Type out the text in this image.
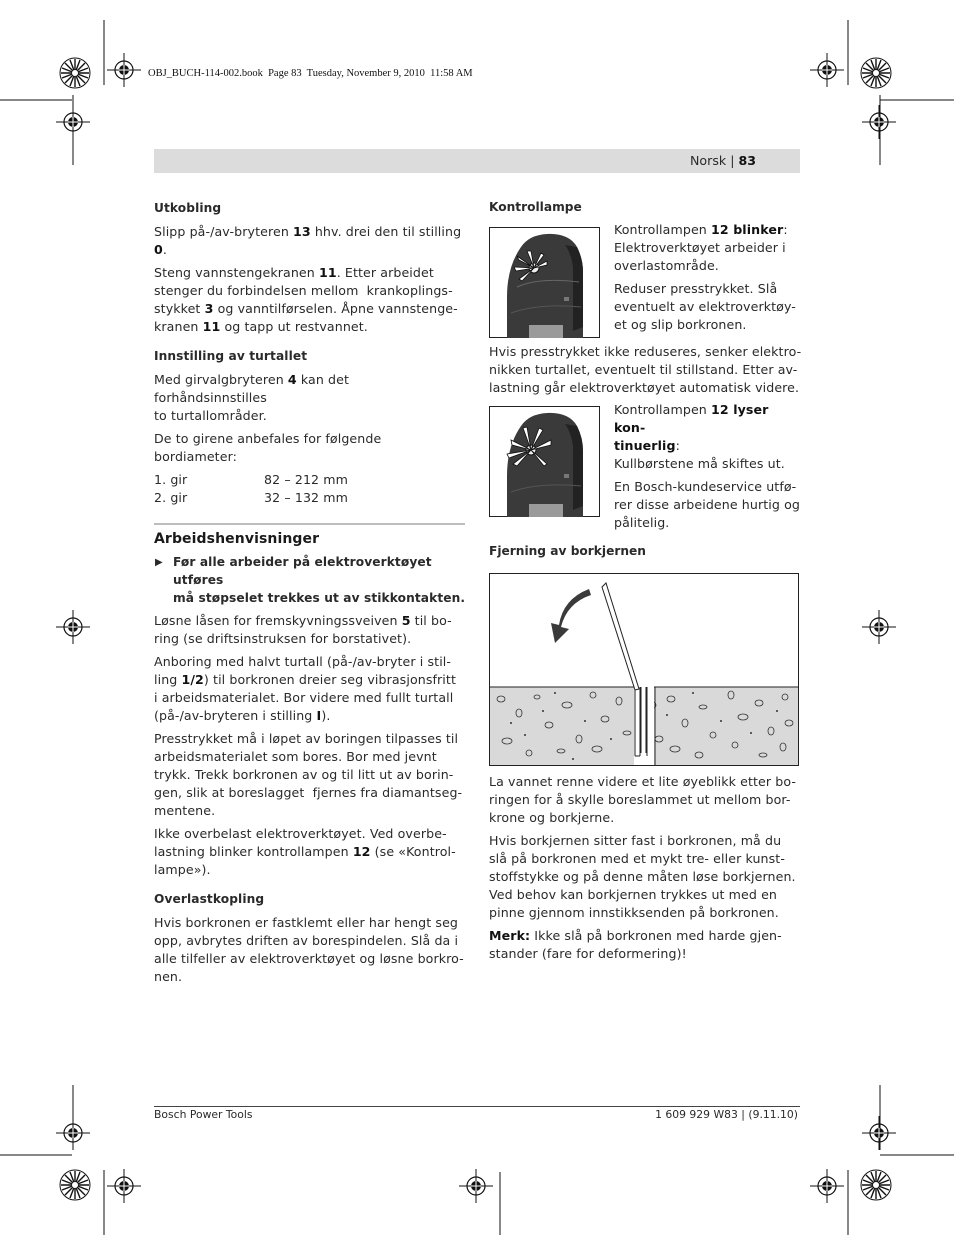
OBJ_BUCH-114-002.book  Page 83  Tuesday, November 9, 2010  11:58 AM
Norsk | 83
Utkobling

Slipp på-/av-bryteren 13 hhv. drei den til stilling 0.

Steng vannstengekranen 11. Etter arbeidet
stenger du forbindelsen mellom  krankoplings-
stykket 3 og vanntilførselen. Åpne vannstenge-
kranen 11 og tapp ut restvannet.

Innstilling av turtallet

Med girvalgbryteren 4 kan det forhåndsinnstilles
to turtallområder.

De to girene anbefales for følgende bordiameter:

1. gir	82 – 212 mm
2. gir	32 – 132 mm
Arbeidshenvisninger
▶ Før alle arbeider på elektroverktøyet utføres
må støpselet trekkes ut av stikkontakten.

Løsne låsen for fremskyvningssveiven 5 til bo-
ring (se driftsinstruksen for borstativet).

Anboring med halvt turtall (på-/av-bryter i stil-
ling 1/2) til borkronen dreier seg vibrasjonsfritt
i arbeidsmaterialet. Bor videre med fullt turtall
(på-/av-bryteren i stilling I).

Presstrykket må i løpet av boringen tilpasses til
arbeidsmaterialet som bores. Bor med jevnt
trykk. Trekk borkronen av og til litt ut av borin-
gen, slik at boreslagget  fjernes fra diamantseg-
mentene.

Ikke overbelast elektroverktøyet. Ved overbe-
lastning blinker kontrollampen 12 (se «Kontrol-
lampe»).

Overlastkopling

Hvis borkronen er fastklemt eller har hengt seg
opp, avbrytes driften av borespindelen. Slå da i
alle tilfeller av elektroverktøyet og løsne borkro-
nen.

Kontrollampe

Kontrollampen 12 blinker:
Elektroverktøyet arbeider i
overlastområde.

Reduser presstrykket. Slå
eventuelt av elektroverktøy-
et og slip borkronen.

Hvis presstrykket ikke reduseres, senker elektro-
nikken turtallet, eventuelt til stillstand. Etter av-
lastning går elektroverktøyet automatisk videre.

Kontrollampen 12 lyser kon-
tinuerlig:
Kullbørstene må skiftes ut.

En Bosch-kundeservice utfø-
rer disse arbeidene hurtig og
pålitelig.

Fjerning av borkjernen

La vannet renne videre et lite øyeblikk etter bo-
ringen for å skylle boreslammet ut mellom bor-
krone og borkjerne.

Hvis borkjernen sitter fast i borkronen, må du
slå på borkronen med et mykt tre- eller kunst-
stoffstykke og på denne måten løse borkjernen.
Ved behov kan borkjernen trykkes ut med en
pinne gjennom innstikksenden på borkronen.

Merk: Ikke slå på borkronen med harde gjen-
stander (fare for deformering)!

Bosch Power Tools	1 609 929 W83 | (9.11.10)
